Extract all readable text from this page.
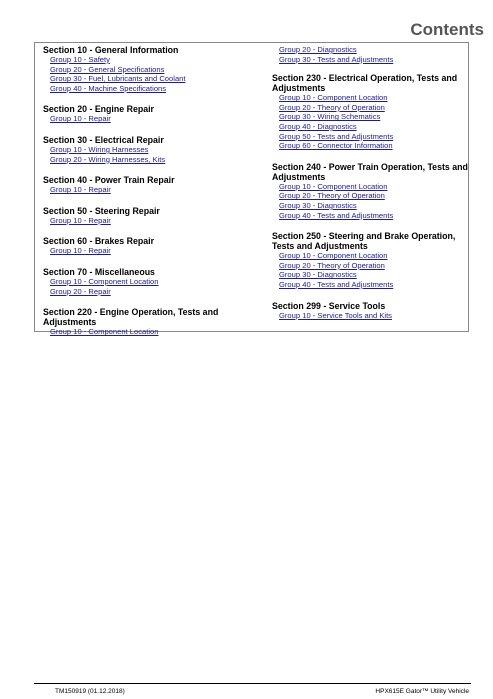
Contents
Section 10 - General Information
Group 10 - Safety
Group 20 - General Specifications
Group 30 - Fuel, Lubricants and Coolant
Group 40 - Machine Specifications
Section 20 - Engine Repair
Group 10 - Repair
Section 30 - Electrical Repair
Group 10 - Wiring Harnesses
Group 20 - Wiring Harnesses, Kits
Section 40 - Power Train Repair
Group 10 - Repair
Section 50 - Steering Repair
Group 10 - Repair
Section 60 - Brakes Repair
Group 10 - Repair
Section 70 - Miscellaneous
Group 10 - Component Location
Group 20 - Repair
Section 220 - Engine Operation, Tests and Adjustments
Group 10 - Component Location
Group 20 - Diagnostics
Group 30 - Tests and Adjustments
Section 230 - Electrical Operation, Tests and Adjustments
Group 10 - Component Location
Group 20 - Theory of Operation
Group 30 - Wiring Schematics
Group 40 - Diagnostics
Group 50 - Tests and Adjustments
Group 60 - Connector Information
Section 240 - Power Train Operation, Tests and Adjustments
Group 10 - Component Location
Group 20 - Theory of Operation
Group 30 - Diagnostics
Group 40 - Tests and Adjustments
Section 250 - Steering and Brake Operation, Tests and Adjustments
Group 10 - Component Location
Group 20 - Theory of Operation
Group 30 - Diagnostics
Group 40 - Tests and Adjustments
Section 299 - Service Tools
Group 10 - Service Tools and Kits
TM150919 (01.12.2018)	HPX615E Gator™ Utility Vehicle
